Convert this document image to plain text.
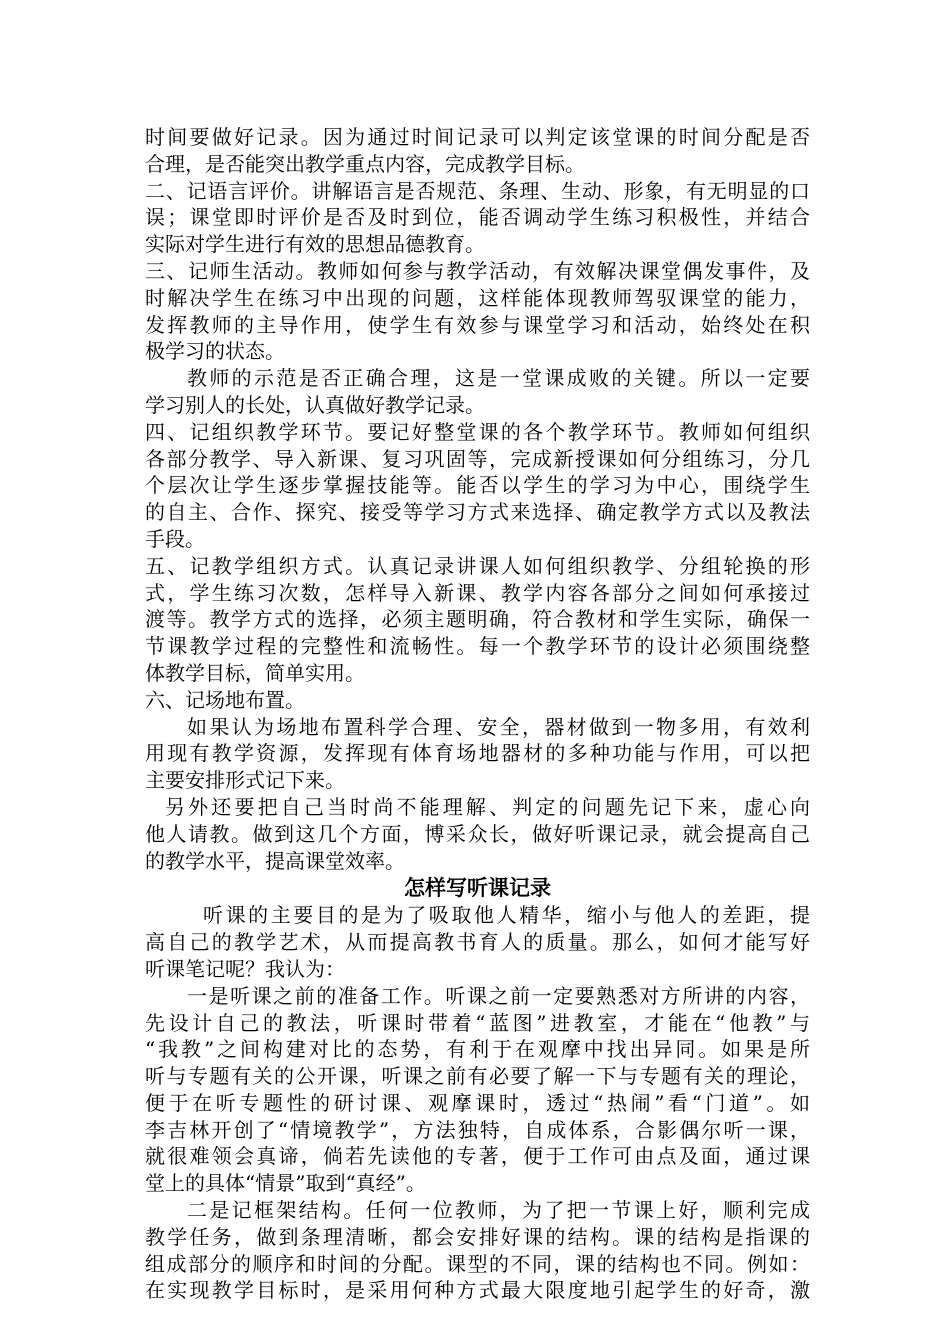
时间要做好记录。因为通过时间记录可以判定该堂课的时间分配是否
合理，是否能突出教学重点内容，完成教学目标。
二、记语言评价。讲解语言是否规范、条理、生动、形象，有无明显的口
误；课堂即时评价是否及时到位，能否调动学生练习积极性，并结合
实际对学生进行有效的思想品德教育。
三、记师生活动。教师如何参与教学活动，有效解决课堂偶发事件，及
时解决学生在练习中出现的问题，这样能体现教师驾驭课堂的能力，
发挥教师的主导作用，使学生有效参与课堂学习和活动，始终处在积
极学习的状态。
教师的示范是否正确合理，这是一堂课成败的关键。所以一定要
学习别人的长处，认真做好教学记录。
四、记组织教学环节。要记好整堂课的各个教学环节。教师如何组织
各部分教学、导入新课、复习巩固等，完成新授课如何分组练习，分几
个层次让学生逐步掌握技能等。能否以学生的学习为中心，围绕学生
的自主、合作、探究、接受等学习方式来选择、确定教学方式以及教法
手段。
五、记教学组织方式。认真记录讲课人如何组织教学、分组轮换的形
式，学生练习次数，怎样导入新课、教学内容各部分之间如何承接过
渡等。教学方式的选择，必须主题明确，符合教材和学生实际，确保一
节课教学过程的完整性和流畅性。每一个教学环节的设计必须围绕整
体教学目标，简单实用。
六、记场地布置。
如果认为场地布置科学合理、安全，器材做到一物多用，有效利
用现有教学资源，发挥现有体育场地器材的多种功能与作用，可以把
主要安排形式记下来。
另外还要把自己当时尚不能理解、判定的问题先记下来，虚心向
他人请教。做到这几个方面，博采众长，做好听课记录，就会提高自己
的教学水平，提高课堂效率。
怎样写听课记录
听课的主要目的是为了吸取他人精华，缩小与他人的差距，提
高自己的教学艺术，从而提高教书育人的质量。那么，如何才能写好
听课笔记呢？我认为：
一是听课之前的准备工作。听课之前一定要熟悉对方所讲的内容，
先设计自己的教法，听课时带着“蓝图”进教室，才能在“他教”与
“我教”之间构建对比的态势，有利于在观摩中找出异同。如果是所
听与专题有关的公开课，听课之前有必要了解一下与专题有关的理论，
便于在听专题性的研讨课、观摩课时，透过“热闹”看“门道”。如
李吉林开创了“情境教学”，方法独特，自成体系，合影偶尔听一课，
就很难领会真谛，倘若先读他的专著，便于工作可由点及面，通过课
堂上的具体“情景”取到“真经”。
二是记框架结构。任何一位教师，为了把一节课上好，顺利完成
教学任务，做到条理清晰，都会安排好课的结构。课的结构是指课的
组成部分的顺序和时间的分配。课型的不同，课的结构也不同。例如：
在实现教学目标时，是采用何种方式最大限度地引起学生的好奇，激
